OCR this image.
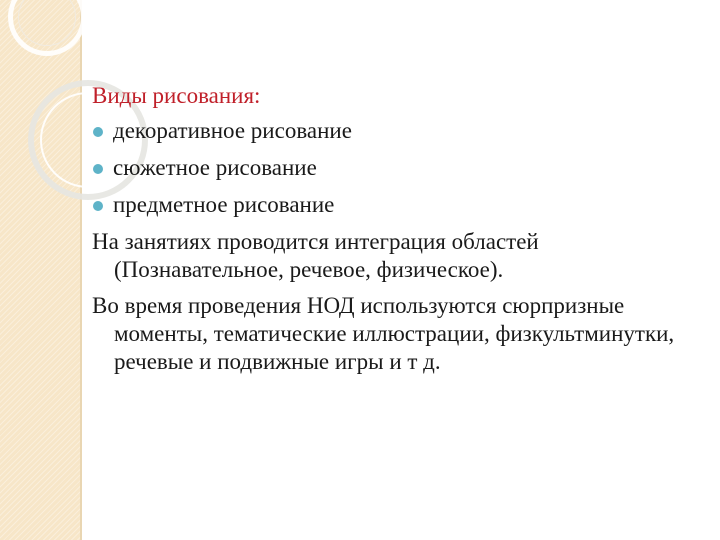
Виды рисования:
декоративное рисование
сюжетное рисование
предметное рисование
На занятиях проводится интеграция областей (Познавательное, речевое, физическое).
Во время проведения НОД используются сюрпризные моменты, тематические иллюстрации, физкультминутки, речевые и подвижные игры и т д.
